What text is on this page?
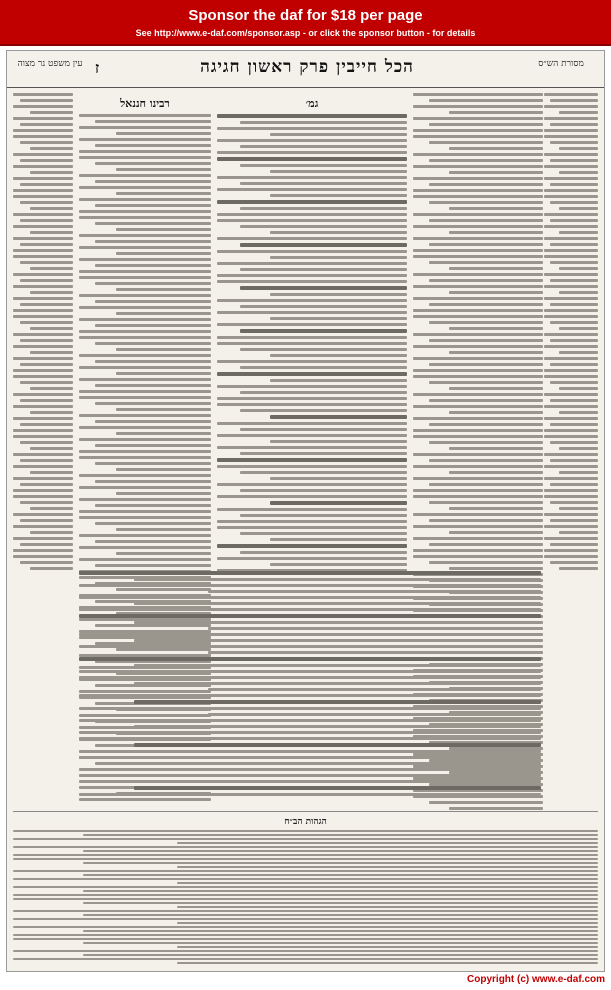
Sponsor the daf for $18 per page
See http://www.e-daf.com/sponsor.asp - or click the sponsor button - for details
עין משפט נר מצוה ז	הכל חייבין פרק ראשון חגיגה	מסורת הש״ס
רבינו חננאל	גמ׳
הגהות הב״ח
Copyright (c) www.e-daf.com
